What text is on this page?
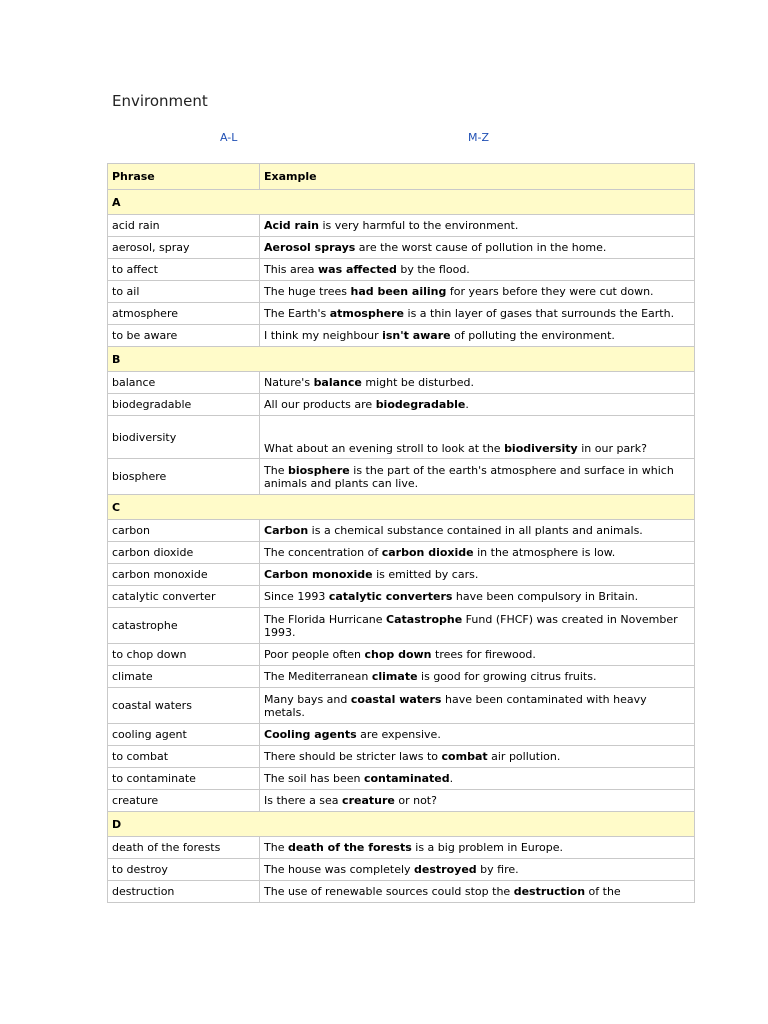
Environment
A-L	M-Z
Phrase	Example
A	
acid rain	Acid rain is very harmful to the environment.
aerosol, spray	Aerosol sprays are the worst cause of pollution in the home.
to affect	This area was affected by the flood.
to ail	The huge trees had been ailing for years before they were cut down.
atmosphere	The Earth's atmosphere is a thin layer of gases that surrounds the Earth.
to be aware	I think my neighbour isn't aware of polluting the environment.
B	
balance	Nature's balance might be disturbed.
biodegradable	All our products are biodegradable.
biodiversity	What about an evening stroll to look at the biodiversity in our park?
biosphere	The biosphere is the part of the earth's atmosphere and surface in which animals and plants can live.
C	
carbon	Carbon is a chemical substance contained in all plants and animals.
carbon dioxide	The concentration of carbon dioxide in the atmosphere is low.
carbon monoxide	Carbon monoxide is emitted by cars.
catalytic converter	Since 1993 catalytic converters have been compulsory in Britain.
catastrophe	The Florida Hurricane Catastrophe Fund (FHCF) was created in November 1993.
to chop down	Poor people often chop down trees for firewood.
climate	The Mediterranean climate is good for growing citrus fruits.
coastal waters	Many bays and coastal waters have been contaminated with heavy metals.
cooling agent	Cooling agents are expensive.
to combat	There should be stricter laws to combat air pollution.
to contaminate	The soil has been contaminated.
creature	Is there a sea creature or not?
D	
death of the forests	The death of the forests is a big problem in Europe.
to destroy	The house was completely destroyed by fire.
destruction	The use of renewable sources could stop the destruction of the
